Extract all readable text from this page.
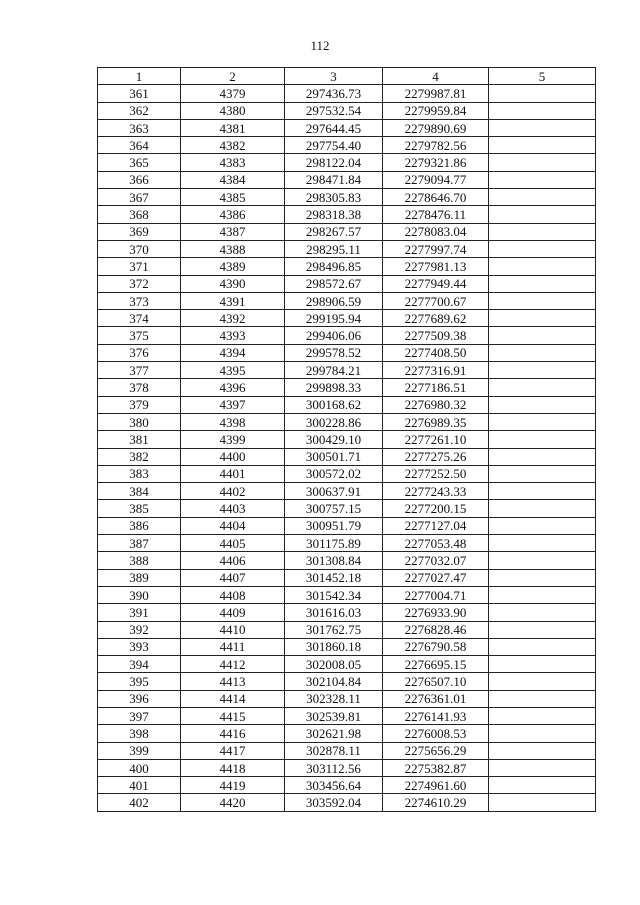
112
1	2	3	4	5
361	4379	297436.73	2279987.81	
362	4380	297532.54	2279959.84	
363	4381	297644.45	2279890.69	
364	4382	297754.40	2279782.56	
365	4383	298122.04	2279321.86	
366	4384	298471.84	2279094.77	
367	4385	298305.83	2278646.70	
368	4386	298318.38	2278476.11	
369	4387	298267.57	2278083.04	
370	4388	298295.11	2277997.74	
371	4389	298496.85	2277981.13	
372	4390	298572.67	2277949.44	
373	4391	298906.59	2277700.67	
374	4392	299195.94	2277689.62	
375	4393	299406.06	2277509.38	
376	4394	299578.52	2277408.50	
377	4395	299784.21	2277316.91	
378	4396	299898.33	2277186.51	
379	4397	300168.62	2276980.32	
380	4398	300228.86	2276989.35	
381	4399	300429.10	2277261.10	
382	4400	300501.71	2277275.26	
383	4401	300572.02	2277252.50	
384	4402	300637.91	2277243.33	
385	4403	300757.15	2277200.15	
386	4404	300951.79	2277127.04	
387	4405	301175.89	2277053.48	
388	4406	301308.84	2277032.07	
389	4407	301452.18	2277027.47	
390	4408	301542.34	2277004.71	
391	4409	301616.03	2276933.90	
392	4410	301762.75	2276828.46	
393	4411	301860.18	2276790.58	
394	4412	302008.05	2276695.15	
395	4413	302104.84	2276507.10	
396	4414	302328.11	2276361.01	
397	4415	302539.81	2276141.93	
398	4416	302621.98	2276008.53	
399	4417	302878.11	2275656.29	
400	4418	303112.56	2275382.87	
401	4419	303456.64	2274961.60	
402	4420	303592.04	2274610.29	
